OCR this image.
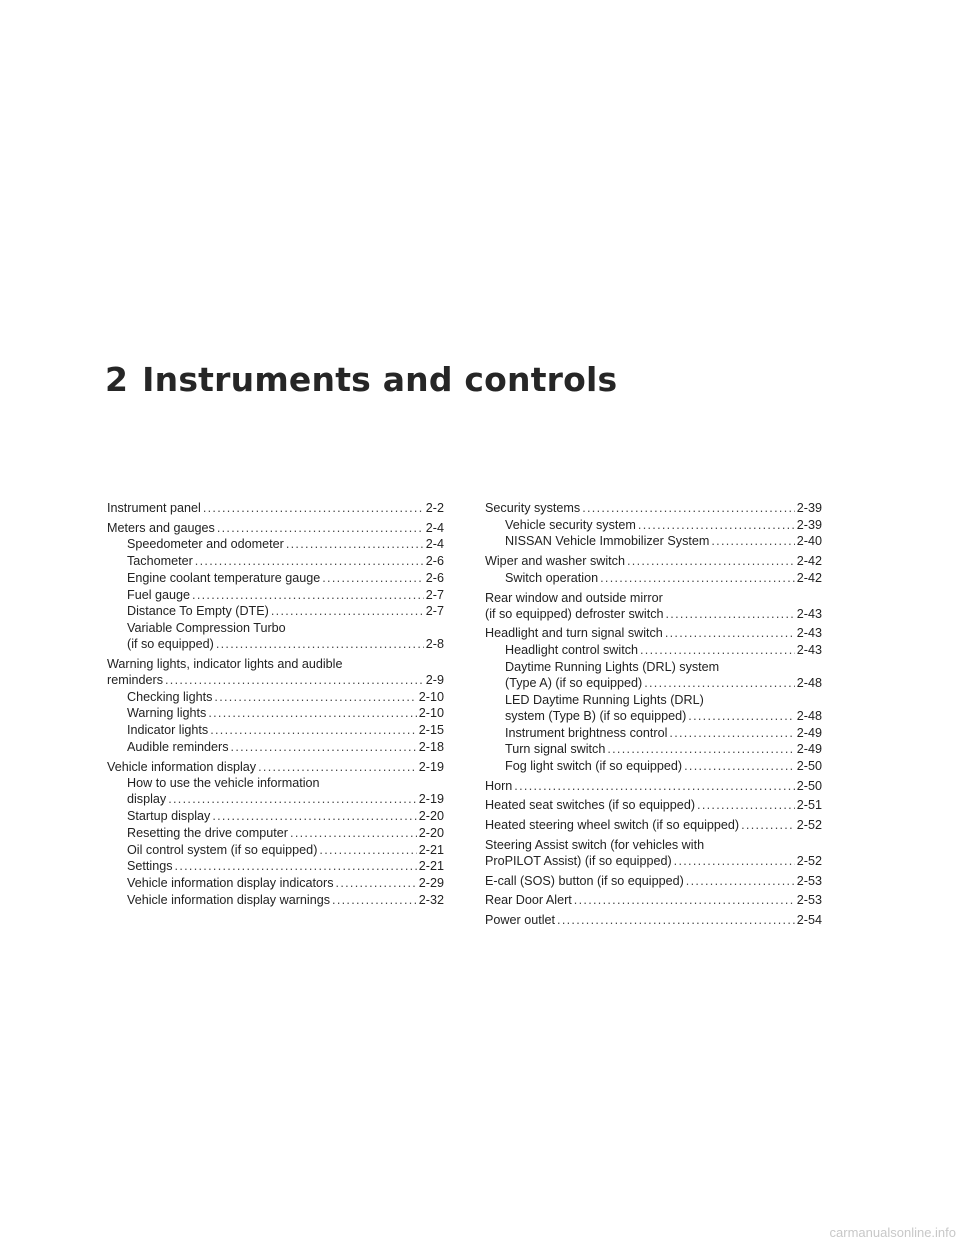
2 Instruments and controls
Instrument panel . . .	2-2
Meters and gauges . . .	2-4
Speedometer and odometer . . .	2-4
Tachometer . . .	2-6
Engine coolant temperature gauge . . .	2-6
Fuel gauge . . .	2-7
Distance To Empty (DTE) . . .	2-7
Variable Compression Turbo
(if so equipped) . . .	2-8
Warning lights, indicator lights and audible
reminders . . .	2-9
Checking lights . . .	2-10
Warning lights . . .	2-10
Indicator lights . . .	2-15
Audible reminders . . .	2-18
Vehicle information display . . .	2-19
How to use the vehicle information
display . . .	2-19
Startup display . . .	2-20
Resetting the drive computer . . .	2-20
Oil control system (if so equipped) . . .	2-21
Settings . . .	2-21
Vehicle information display indicators . . .	2-29
Vehicle information display warnings . . .	2-32
Security systems . . .	2-39
Vehicle security system . . .	2-39
NISSAN Vehicle Immobilizer System . . .	2-40
Wiper and washer switch . . .	2-42
Switch operation . . .	2-42
Rear window and outside mirror
(if so equipped) defroster switch . . .	2-43
Headlight and turn signal switch . . .	2-43
Headlight control switch . . .	2-43
Daytime Running Lights (DRL) system
(Type A) (if so equipped) . . .	2-48
LED Daytime Running Lights (DRL)
system (Type B) (if so equipped) . . .	2-48
Instrument brightness control . . .	2-49
Turn signal switch . . .	2-49
Fog light switch (if so equipped) . . .	2-50
Horn . . .	2-50
Heated seat switches (if so equipped) . . .	2-51
Heated steering wheel switch (if so equipped) . . .	2-52
Steering Assist switch (for vehicles with
ProPILOT Assist) (if so equipped) . . .	2-52
E-call (SOS) button (if so equipped) . . .	2-53
Rear Door Alert . . .	2-53
Power outlet . . .	2-54
carmanualsonline.info
